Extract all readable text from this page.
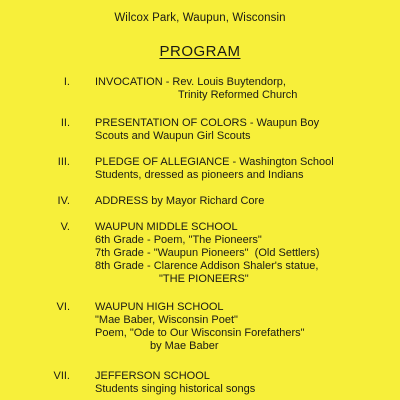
Wilcox Park, Waupun, Wisconsin
PROGRAM
I. INVOCATION - Rev. Louis Buytendorp,
Trinity Reformed Church
II. PRESENTATION OF COLORS - Waupun Boy
Scouts and Waupun Girl Scouts
III. PLEDGE OF ALLEGIANCE - Washington School
Students, dressed as pioneers and Indians
IV. ADDRESS by Mayor Richard Core
V. WAUPUN MIDDLE SCHOOL
6th Grade - Poem, "The Pioneers"
7th Grade - "Waupun Pioneers"  (Old Settlers)
8th Grade - Clarence Addison Shaler's statue,
"THE PIONEERS"
VI. WAUPUN HIGH SCHOOL
"Mae Baber, Wisconsin Poet"
Poem, "Ode to Our Wisconsin Forefathers"
by Mae Baber
VII. JEFFERSON SCHOOL
Students singing historical songs
